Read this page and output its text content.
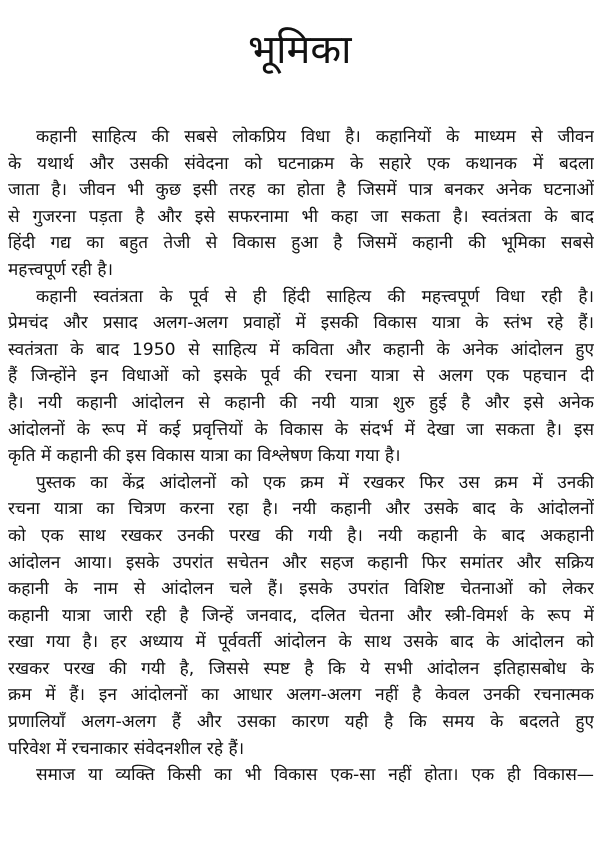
भूमिका
कहानी साहित्य की सबसे लोकप्रिय विधा है। कहानियों के माध्यम से जीवन
के यथार्थ और उसकी संवेदना को घटनाक्रम के सहारे एक कथानक में बदला
जाता है। जीवन भी कुछ इसी तरह का होता है जिसमें पात्र बनकर अनेक घटनाओं
से गुजरना पड़ता है और इसे सफरनामा भी कहा जा सकता है। स्वतंत्रता के बाद
हिंदी गद्य का बहुत तेजी से विकास हुआ है जिसमें कहानी की भूमिका सबसे
महत्त्वपूर्ण रही है।
कहानी स्वतंत्रता के पूर्व से ही हिंदी साहित्य की महत्त्वपूर्ण विधा रही है।
प्रेमचंद और प्रसाद अलग-अलग प्रवाहों में इसकी विकास यात्रा के स्तंभ रहे हैं।
स्वतंत्रता के बाद 1950 से साहित्य में कविता और कहानी के अनेक आंदोलन हुए
हैं जिन्होंने इन विधाओं को इसके पूर्व की रचना यात्रा से अलग एक पहचान दी
है। नयी कहानी आंदोलन से कहानी की नयी यात्रा शुरु हुई है और इसे अनेक
आंदोलनों के रूप में कई प्रवृत्तियों के विकास के संदर्भ में देखा जा सकता है। इस
कृति में कहानी की इस विकास यात्रा का विश्लेषण किया गया है।
पुस्तक का केंद्र आंदोलनों को एक क्रम में रखकर फिर उस क्रम में उनकी
रचना यात्रा का चित्रण करना रहा है। नयी कहानी और उसके बाद के आंदोलनों
को एक साथ रखकर उनकी परख की गयी है। नयी कहानी के बाद अकहानी
आंदोलन आया। इसके उपरांत सचेतन और सहज कहानी फिर समांतर और सक्रिय
कहानी के नाम से आंदोलन चले हैं। इसके उपरांत विशिष्ट चेतनाओं को लेकर
कहानी यात्रा जारी रही है जिन्हें जनवाद, दलित चेतना और स्त्री-विमर्श के रूप में
रखा गया है। हर अध्याय में पूर्ववर्ती आंदोलन के साथ उसके बाद के आंदोलन को
रखकर परख की गयी है, जिससे स्पष्ट है कि ये सभी आंदोलन इतिहासबोध के
क्रम में हैं। इन आंदोलनों का आधार अलग-अलग नहीं है केवल उनकी रचनात्मक
प्रणालियाँ अलग-अलग हैं और उसका कारण यही है कि समय के बदलते हुए
परिवेश में रचनाकार संवेदनशील रहे हैं।
समाज या व्यक्ति किसी का भी विकास एक-सा नहीं होता। एक ही विकास—
